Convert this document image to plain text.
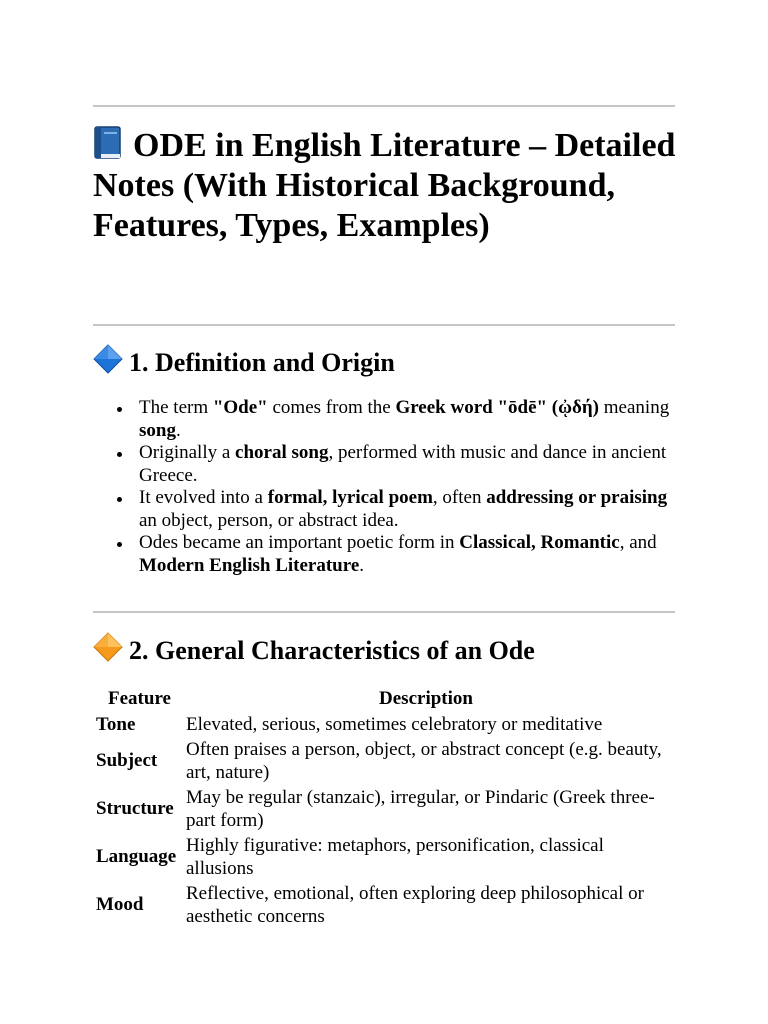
ODE in English Literature – Detailed Notes (With Historical Background, Features, Types, Examples)
1. Definition and Origin
The term "Ode" comes from the Greek word "ōdē" (ᾠδή) meaning song.
Originally a choral song, performed with music and dance in ancient Greece.
It evolved into a formal, lyrical poem, often addressing or praising an object, person, or abstract idea.
Odes became an important poetic form in Classical, Romantic, and Modern English Literature.
2. General Characteristics of an Ode
Feature	Description
Tone	Elevated, serious, sometimes celebratory or meditative
Subject	Often praises a person, object, or abstract concept (e.g. beauty, art, nature)
Structure	May be regular (stanzaic), irregular, or Pindaric (Greek three-part form)
Language	Highly figurative: metaphors, personification, classical allusions
Mood	Reflective, emotional, often exploring deep philosophical or aesthetic concerns
